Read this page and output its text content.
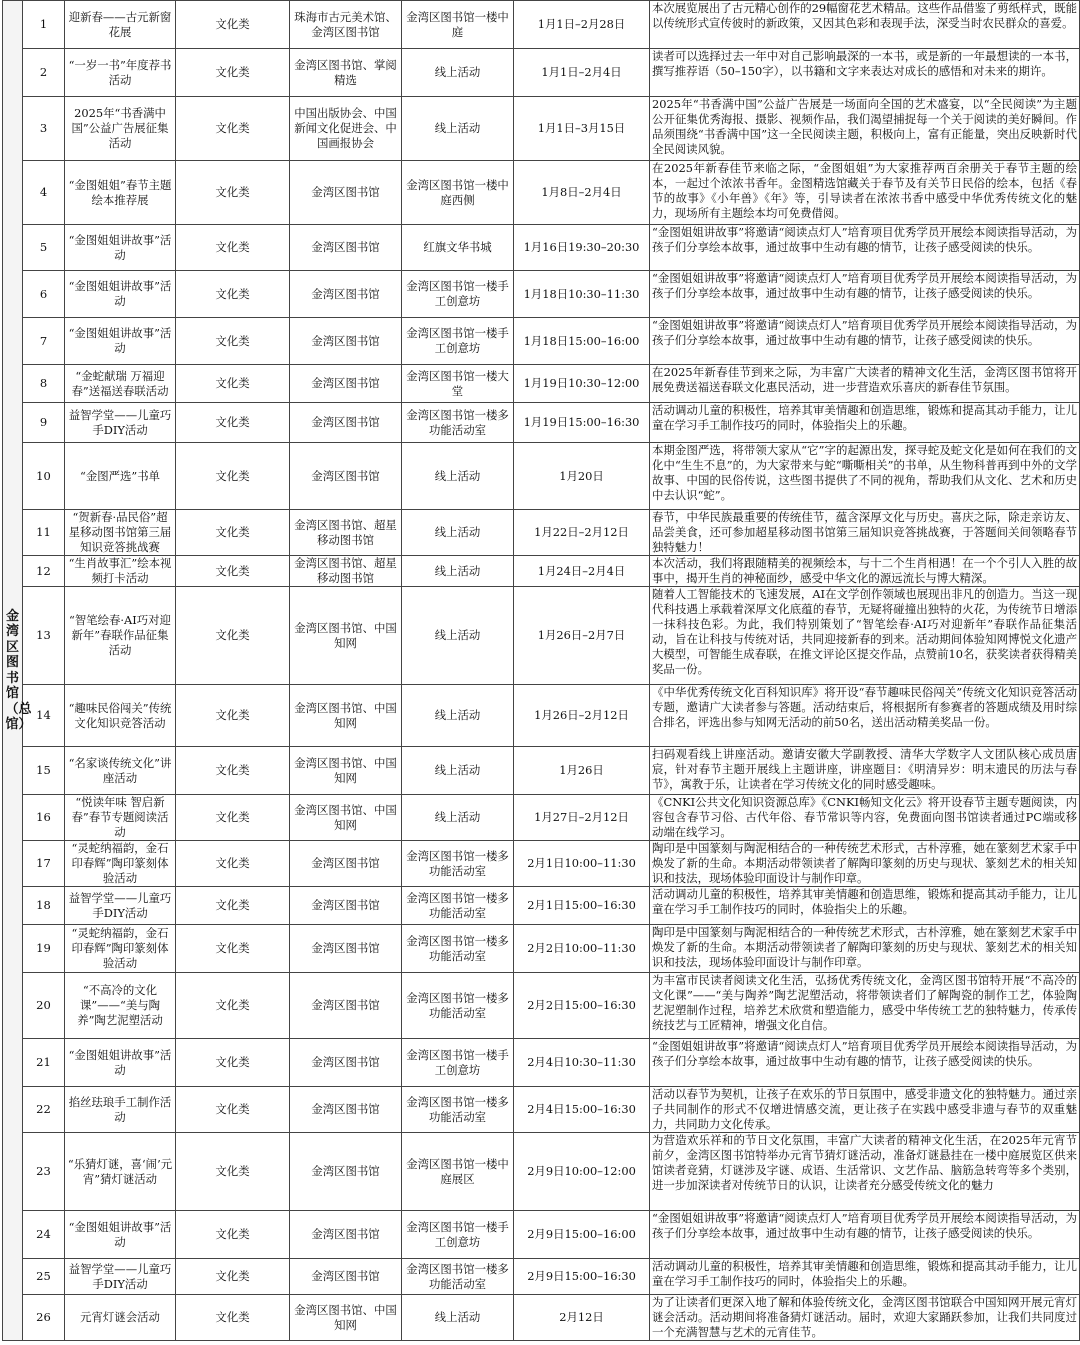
金湾区图书馆（总馆）	1	迎新春——古元新窗花展	文化类	珠海市古元美术馆、金湾区图书馆	金湾区图书馆一楼中庭	1月1日–2月28日	本次展览展出了古元精心创作的29幅窗花艺术精品。这些作品借鉴了剪纸样式，既能以传统形式宣传彼时的新政策，又因其色彩和表现手法，深受当时农民群众的喜爱。
	2	“一岁一书”年度荐书活动	文化类	金湾区图书馆、掌阅精选	线上活动	1月1日–2月4日	读者可以选择过去一年中对自己影响最深的一本书，或是新的一年最想读的一本书，撰写推荐语（50–150字），以书籍和文字来表达对成长的感悟和对未来的期许。
	3	2025年“书香满中国”公益广告展征集活动	文化类	中国出版协会、中国新闻文化促进会、中国画报协会	线上活动	1月1日–3月15日	2025年“书香满中国”公益广告展是一场面向全国的艺术盛宴，以“全民阅读”为主题公开征集优秀海报、摄影、视频作品，我们渴望捕捉每一个关于阅读的美好瞬间。作品须围绕“书香满中国”这一全民阅读主题，积极向上，富有正能量，突出反映新时代全民阅读风貌。
	4	“金图姐姐”春节主题绘本推荐展	文化类	金湾区图书馆	金湾区图书馆一楼中庭西侧	1月8日–2月4日	在2025年新春佳节来临之际，“金图姐姐”为大家推荐两百余册关于春节主题的绘本，一起过个浓浓书香年。金图精选馆藏关于春节及有关节日民俗的绘本，包括《春节的故事》《小年兽》《年》等，引导读者在浓浓书香中感受中华优秀传统文化的魅力，现场所有主题绘本均可免费借阅。
	5	“金图姐姐讲故事”活动	文化类	金湾区图书馆	红旗文华书城	1月16日19:30–20:30	“金图姐姐讲故事”将邀请“阅读点灯人”培育项目优秀学员开展绘本阅读指导活动，为孩子们分享绘本故事，通过故事中生动有趣的情节，让孩子感受阅读的快乐。
	6	“金图姐姐讲故事”活动	文化类	金湾区图书馆	金湾区图书馆一楼手工创意坊	1月18日10:30–11:30	“金图姐姐讲故事”将邀请“阅读点灯人”培育项目优秀学员开展绘本阅读指导活动，为孩子们分享绘本故事，通过故事中生动有趣的情节，让孩子感受阅读的快乐。
	7	“金图姐姐讲故事”活动	文化类	金湾区图书馆	金湾区图书馆一楼手工创意坊	1月18日15:00–16:00	“金图姐姐讲故事”将邀请“阅读点灯人”培育项目优秀学员开展绘本阅读指导活动，为孩子们分享绘本故事，通过故事中生动有趣的情节，让孩子感受阅读的快乐。
	8	“金蛇献瑞 万福迎春”送福送春联活动	文化类	金湾区图书馆	金湾区图书馆一楼大堂	1月19日10:30–12:00	在2025年新春佳节到来之际，为丰富广大读者的精神文化生活，金湾区图书馆将开展免费送福送春联文化惠民活动，进一步营造欢乐喜庆的新春佳节氛围。
	9	益智学堂——儿童巧手DIY活动	文化类	金湾区图书馆	金湾区图书馆一楼多功能活动室	1月19日15:00–16:30	活动调动儿童的积极性，培养其审美情趣和创造思维，锻炼和提高其动手能力，让儿童在学习手工制作技巧的同时，体验指尖上的乐趣。
	10	“金图严选”书单	文化类	金湾区图书馆	线上活动	1月20日	本期金图严选，将带领大家从“它”字的起源出发，探寻蛇及蛇文化是如何在我们的文化中“生生不息”的，为大家带来与蛇“嘶嘶相关”的书单，从生物科普再到中外的文学故事、中国的民俗传说，这些图书提供了不同的视角，帮助我们从文化、艺术和历史中去认识“蛇”。
	11	“贺新春·品民俗”超星移动图书馆第三届知识竞答挑战赛	文化类	金湾区图书馆、超星移动图书馆	线上活动	1月22日–2月12日	春节，中华民族最重要的传统佳节，蕴含深厚文化与历史。喜庆之际，除走亲访友、品尝美食，还可参加超星移动图书馆第三届知识竞答挑战赛，于答题间关间领略春节独特魅力！
	12	“生肖故事汇”绘本视频打卡活动	文化类	金湾区图书馆、超星移动图书馆	线上活动	1月24日–2月4日	本次活动，我们将跟随精美的视频绘本，与十二个生肖相遇！在一个个引人入胜的故事中，揭开生肖的神秘面纱，感受中华文化的源远流长与博大精深。
	13	“智笔绘春·AI巧对迎新年”春联作品征集活动	文化类	金湾区图书馆、中国知网	线上活动	1月26日–2月7日	随着人工智能技术的飞速发展，AI在文学创作领域也展现出非凡的创造力。当这一现代科技遇上承载着深厚文化底蕴的春节，无疑将碰撞出独特的火花，为传统节日增添一抹科技色彩。为此，我们特别策划了“智笔绘春·AI巧对迎新年”春联作品征集活动，旨在让科技与传统对话，共同迎接新春的到来。活动期间体验知网博悦文化遗产大模型，可智能生成春联，在推文评论区提交作品，点赞前10名，获奖读者获得精美奖品一份。
	14	“趣味民俗闯关”传统文化知识竞答活动	文化类	金湾区图书馆、中国知网	线上活动	1月26日–2月12日	《中华优秀传统文化百科知识库》将开设“春节趣味民俗闯关”传统文化知识竞答活动专题，邀请广大读者参与答题。活动结束后，将根据所有参赛者的答题成绩及用时综合排名，评选出参与知网无活动的前50名，送出活动精美奖品一份。
	15	“名家谈传统文化”讲座活动	文化类	金湾区图书馆、中国知网	线上活动	1月26日	扫码观看线上讲座活动。邀请安徽大学副教授、清华大学数字人文团队核心成员唐宸，针对春节主题开展线上主题讲座，讲座题目：《明清异岁：明末遗民的历法与春节》，寓教于乐，让读者在学习传统文化的同时感受趣味。
	16	“悦读年味 智启新春”春节专题阅读活动	文化类	金湾区图书馆、中国知网	线上活动	1月27日–2月12日	《CNKI公共文化知识资源总库》《CNKI畅知文化云》将开设春节主题专题阅读，内容包含春节习俗、古代年俗、春节常识等内容，免费面向图书馆读者通过PC端或移动端在线学习。
	17	“灵蛇纳福韵，金石印春辉”陶印篆刻体验活动	文化类	金湾区图书馆	金湾区图书馆一楼多功能活动室	2月1日10:00–11:30	陶印是中国篆刻与陶泥相结合的一种传统艺术形式，古朴淳雅，她在篆刻艺术家手中焕发了新的生命。本期活动带领读者了解陶印篆刻的历史与现状、篆刻艺术的相关知识和技法，现场体验印面设计与制作印章。
	18	益智学堂——儿童巧手DIY活动	文化类	金湾区图书馆	金湾区图书馆一楼多功能活动室	2月1日15:00–16:30	活动调动儿童的积极性，培养其审美情趣和创造思维，锻炼和提高其动手能力，让儿童在学习手工制作技巧的同时，体验指尖上的乐趣。
	19	“灵蛇纳福韵，金石印春辉”陶印篆刻体验活动	文化类	金湾区图书馆	金湾区图书馆一楼多功能活动室	2月2日10:00–11:30	陶印是中国篆刻与陶泥相结合的一种传统艺术形式，古朴淳雅，她在篆刻艺术家手中焕发了新的生命。本期活动带领读者了解陶印篆刻的历史与现状、篆刻艺术的相关知识和技法，现场体验印面设计与制作印章。
	20	“不高冷的文化课”——“美与陶养”陶艺泥塑活动	文化类	金湾区图书馆	金湾区图书馆一楼多功能活动室	2月2日15:00–16:30	为丰富市民读者阅读文化生活，弘扬优秀传统文化，金湾区图书馆特开展“不高冷的文化课”——“美与陶养”陶艺泥塑活动，将带领读者们了解陶瓷的制作工艺，体验陶艺泥塑制作过程，培养艺术欣赏和塑造能力，感受中华传统工艺的独特魅力，传承传统技艺与工匠精神，增强文化自信。
	21	“金图姐姐讲故事”活动	文化类	金湾区图书馆	金湾区图书馆一楼手工创意坊	2月4日10:30–11:30	“金图姐姐讲故事”将邀请“阅读点灯人”培育项目优秀学员开展绘本阅读指导活动，为孩子们分享绘本故事，通过故事中生动有趣的情节，让孩子感受阅读的快乐。
	22	掐丝珐琅手工制作活动	文化类	金湾区图书馆	金湾区图书馆一楼多功能活动室	2月4日15:00–16:30	活动以春节为契机，让孩子在欢乐的节日氛围中，感受非遗文化的独特魅力。通过亲子共同制作的形式不仅增进情感交流，更让孩子在实践中感受非遗与春节的双重魅力，共同助力文化传承。
	23	“乐猜灯谜，喜‘闹’元宵”猜灯谜活动	文化类	金湾区图书馆	金湾区图书馆一楼中庭展区	2月9日10:00–12:00	为营造欢乐祥和的节日文化氛围，丰富广大读者的精神文化生活，在2025年元宵节前夕，金湾区图书馆特举办元宵节猜灯谜活动，准备灯谜悬挂在一楼中庭展览区供来馆读者竞猜，灯谜涉及字谜、成语、生活常识、文艺作品、脑筋急转弯等多个类别，进一步加深读者对传统节日的认识，让读者充分感受传统文化的魅力
	24	“金图姐姐讲故事”活动	文化类	金湾区图书馆	金湾区图书馆一楼手工创意坊	2月9日15:00–16:00	“金图姐姐讲故事”将邀请“阅读点灯人”培育项目优秀学员开展绘本阅读指导活动，为孩子们分享绘本故事，通过故事中生动有趣的情节，让孩子感受阅读的快乐。
	25	益智学堂——儿童巧手DIY活动	文化类	金湾区图书馆	金湾区图书馆一楼多功能活动室	2月9日15:00–16:30	活动调动儿童的积极性，培养其审美情趣和创造思维，锻炼和提高其动手能力，让儿童在学习手工制作技巧的同时，体验指尖上的乐趣。
	26	元宵灯谜会活动	文化类	金湾区图书馆、中国知网	线上活动	2月12日	为了让读者们更深入地了解和体验传统文化，金湾区图书馆联合中国知网开展元宵灯谜会活动。活动期间将准备猜灯谜活动。届时，欢迎大家踊跃参加，让我们共同度过一个充满智慧与艺术的元宵佳节。
